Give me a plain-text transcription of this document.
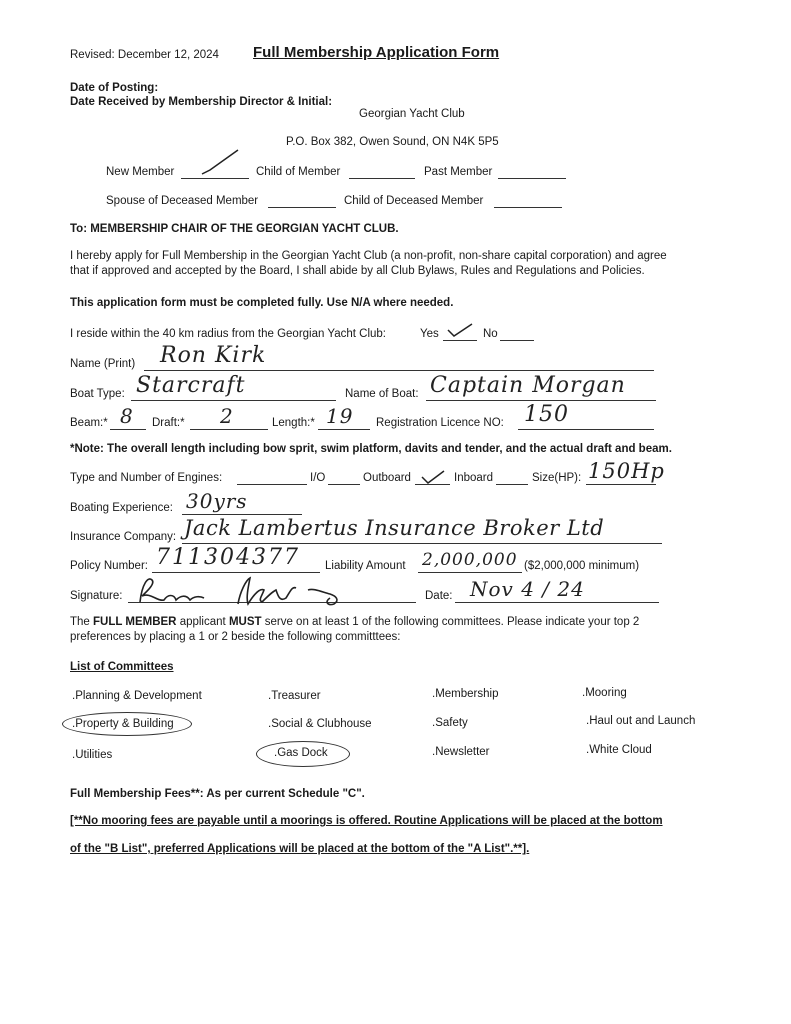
Revised: December 12, 2024 Full Membership Application Form
Date of Posting:
Date Received by Membership Director & Initial:
Georgian Yacht Club
P.O. Box 382, Owen Sound, ON N4K 5P5
New Member	Child of Member	Past Member
Spouse of Deceased Member	Child of Deceased Member
To: MEMBERSHIP CHAIR OF THE GEORGIAN YACHT CLUB.
I hereby apply for Full Membership in the Georgian Yacht Club (a non-profit, non-share capital corporation) and agree
that if approved and accepted by the Board, I shall abide by all Club Bylaws, Rules and Regulations and Policies.
This application form must be completed fully. Use N/A where needed.
I reside within the 40 km radius from the Georgian Yacht Club:	Yes	No
Name (Print) Ron Kirk
Boat Type: Starcraft	Name of Boat: Captain Morgan
Beam:* 8 Draft:* 2	Length:* 19 Registration Licence NO: 150
*Note: The overall length including bow sprit, swim platform, davits and tender, and the actual draft and beam.
Type and Number of Engines:	I/O	Outboard	Inboard	Size(HP): 150Hp
Boating Experience: 30yrs
Insurance Company: Jack Lambertus Insurance Broker Ltd
Policy Number: 711304377 Liability Amount 2,000,000 ($2,000,000 minimum)
Signature:	Date: Nov 4 / 24
The FULL MEMBER applicant MUST serve on at least 1 of the following committees. Please indicate your top 2
preferences by placing a 1 or 2 beside the following committtees:
List of Committees
.Planning & Development	.Treasurer	.Membership	.Mooring
.Property & Building	.Social & Clubhouse	.Safety	.Haul out and Launch
.Utilities	.Gas Dock	.Newsletter	.White Cloud
Full Membership Fees**: As per current Schedule "C".
[**No mooring fees are payable until a moorings is offered. Routine Applications will be placed at the bottom
of the "B List", preferred Applications will be placed at the bottom of the "A List".**].
